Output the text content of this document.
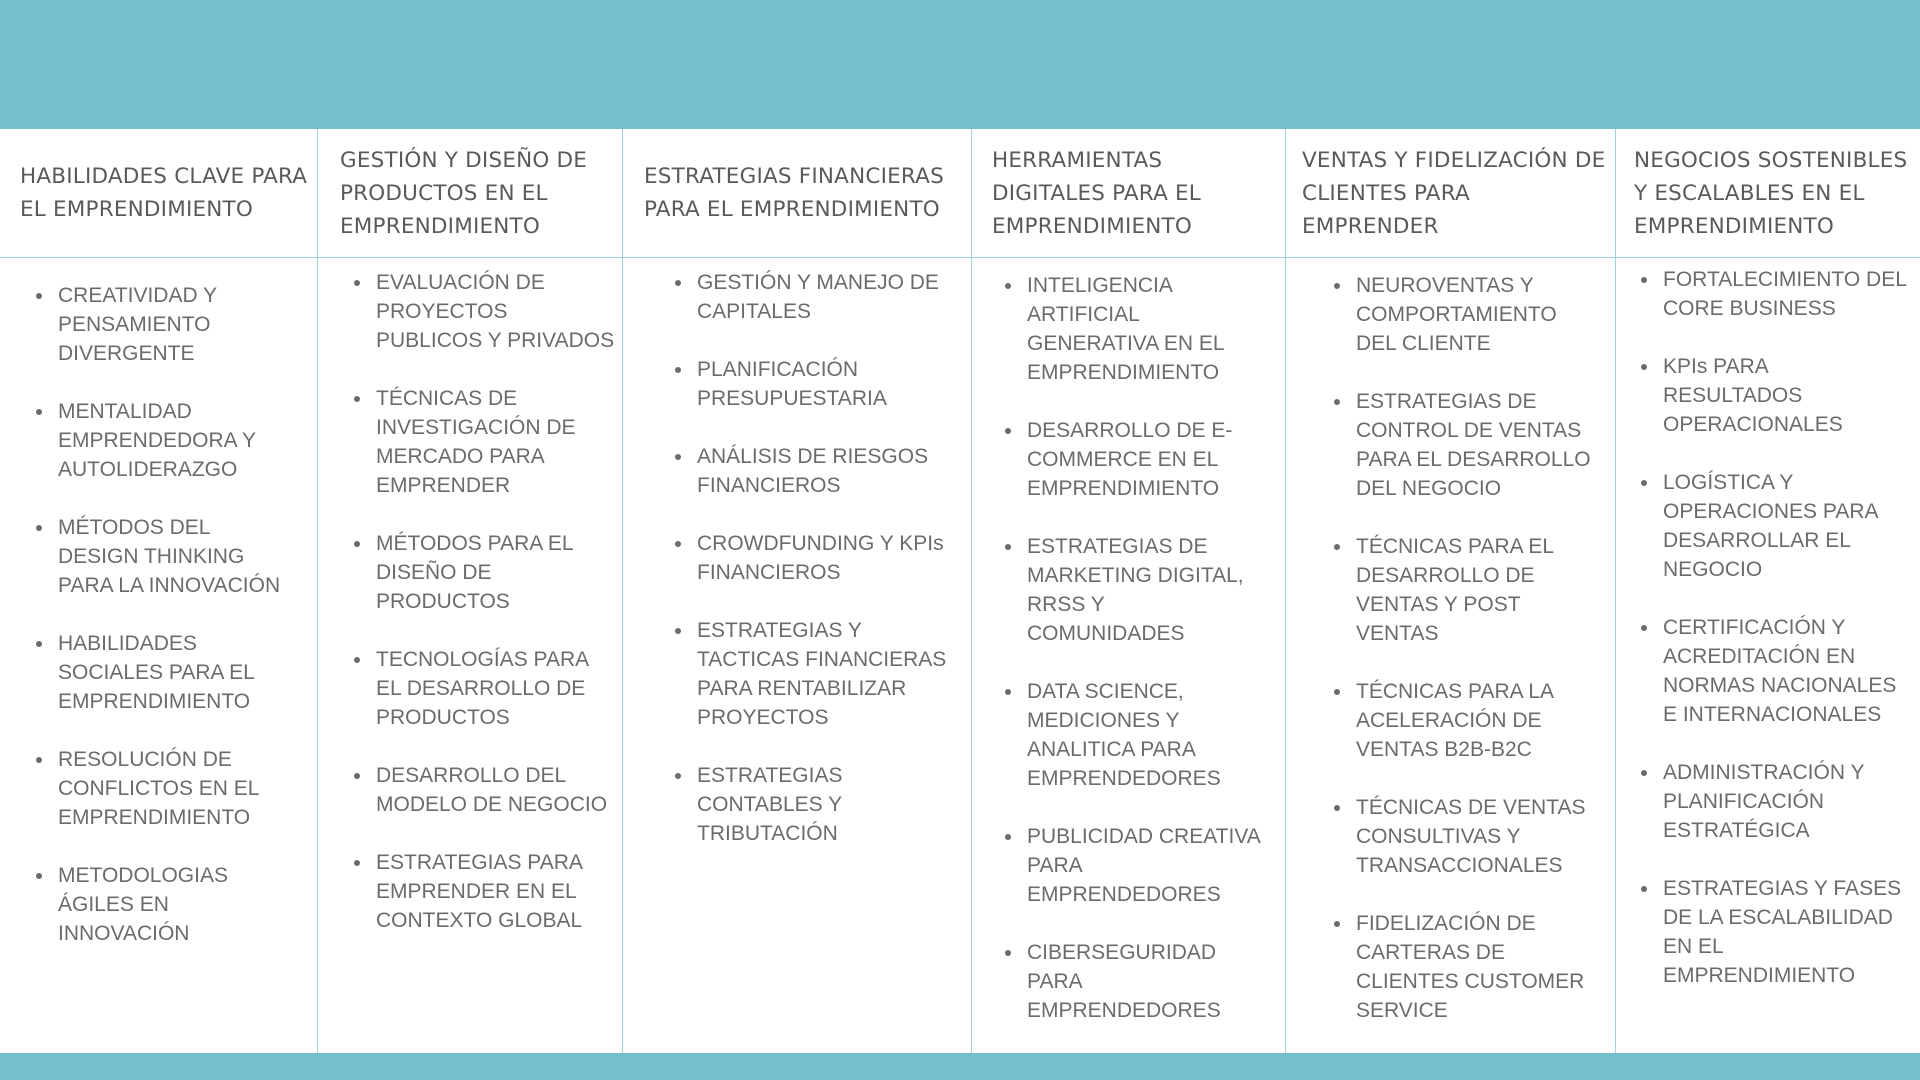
HABILIDADES CLAVE PARA EL EMPRENDIMIENTO
CREATIVIDAD Y PENSAMIENTO DIVERGENTE
MENTALIDAD EMPRENDEDORA Y AUTOLIDERAZGO
MÉTODOS DEL DESIGN THINKING PARA LA INNOVACIÓN
HABILIDADES SOCIALES PARA EL EMPRENDIMIENTO
RESOLUCIÓN DE CONFLICTOS EN EL EMPRENDIMIENTO
METODOLOGIAS ÁGILES EN INNOVACIÓN
GESTIÓN Y DISEÑO DE PRODUCTOS EN EL EMPRENDIMIENTO
EVALUACIÓN DE PROYECTOS PUBLICOS Y PRIVADOS
TÉCNICAS DE INVESTIGACIÓN DE MERCADO PARA EMPRENDER
MÉTODOS PARA EL DISEÑO DE PRODUCTOS
TECNOLOGÍAS PARA EL DESARROLLO DE PRODUCTOS
DESARROLLO DEL MODELO DE NEGOCIO
ESTRATEGIAS PARA EMPRENDER EN EL CONTEXTO GLOBAL
ESTRATEGIAS FINANCIERAS PARA EL EMPRENDIMIENTO
GESTIÓN Y MANEJO DE CAPITALES
PLANIFICACIÓN PRESUPUESTARIA
ANÁLISIS DE RIESGOS FINANCIEROS
CROWDFUNDING Y KPIs FINANCIEROS
ESTRATEGIAS Y TACTICAS FINANCIERAS PARA RENTABILIZAR PROYECTOS
ESTRATEGIAS CONTABLES Y TRIBUTACIÓN
HERRAMIENTAS DIGITALES PARA EL EMPRENDIMIENTO
INTELIGENCIA ARTIFICIAL GENERATIVA EN EL EMPRENDIMIENTO
DESARROLLO DE E-COMMERCE EN EL EMPRENDIMIENTO
ESTRATEGIAS DE MARKETING DIGITAL, RRSS Y COMUNIDADES
DATA SCIENCE, MEDICIONES Y ANALITICA PARA EMPRENDEDORES
PUBLICIDAD CREATIVA PARA EMPRENDEDORES
CIBERSEGURIDAD PARA EMPRENDEDORES
VENTAS Y FIDELIZACIÓN DE CLIENTES PARA EMPRENDER
NEUROVENTAS Y COMPORTAMIENTO DEL CLIENTE
ESTRATEGIAS DE CONTROL DE VENTAS PARA EL DESARROLLO DEL NEGOCIO
TÉCNICAS PARA EL DESARROLLO DE VENTAS Y POST VENTAS
TÉCNICAS PARA LA ACELERACIÓN DE VENTAS B2B-B2C
TÉCNICAS DE VENTAS CONSULTIVAS Y TRANSACCIONALES
FIDELIZACIÓN DE CARTERAS DE CLIENTES CUSTOMER SERVICE
NEGOCIOS SOSTENIBLES Y ESCALABLES EN EL EMPRENDIMIENTO
FORTALECIMIENTO DEL CORE BUSINESS
KPIs PARA RESULTADOS OPERACIONALES
LOGÍSTICA Y OPERACIONES PARA DESARROLLAR EL NEGOCIO
CERTIFICACIÓN Y ACREDITACIÓN EN NORMAS NACIONALES E INTERNACIONALES
ADMINISTRACIÓN Y PLANIFICACIÓN ESTRATÉGICA
ESTRATEGIAS Y FASES DE LA ESCALABILIDAD EN EL EMPRENDIMIENTO
